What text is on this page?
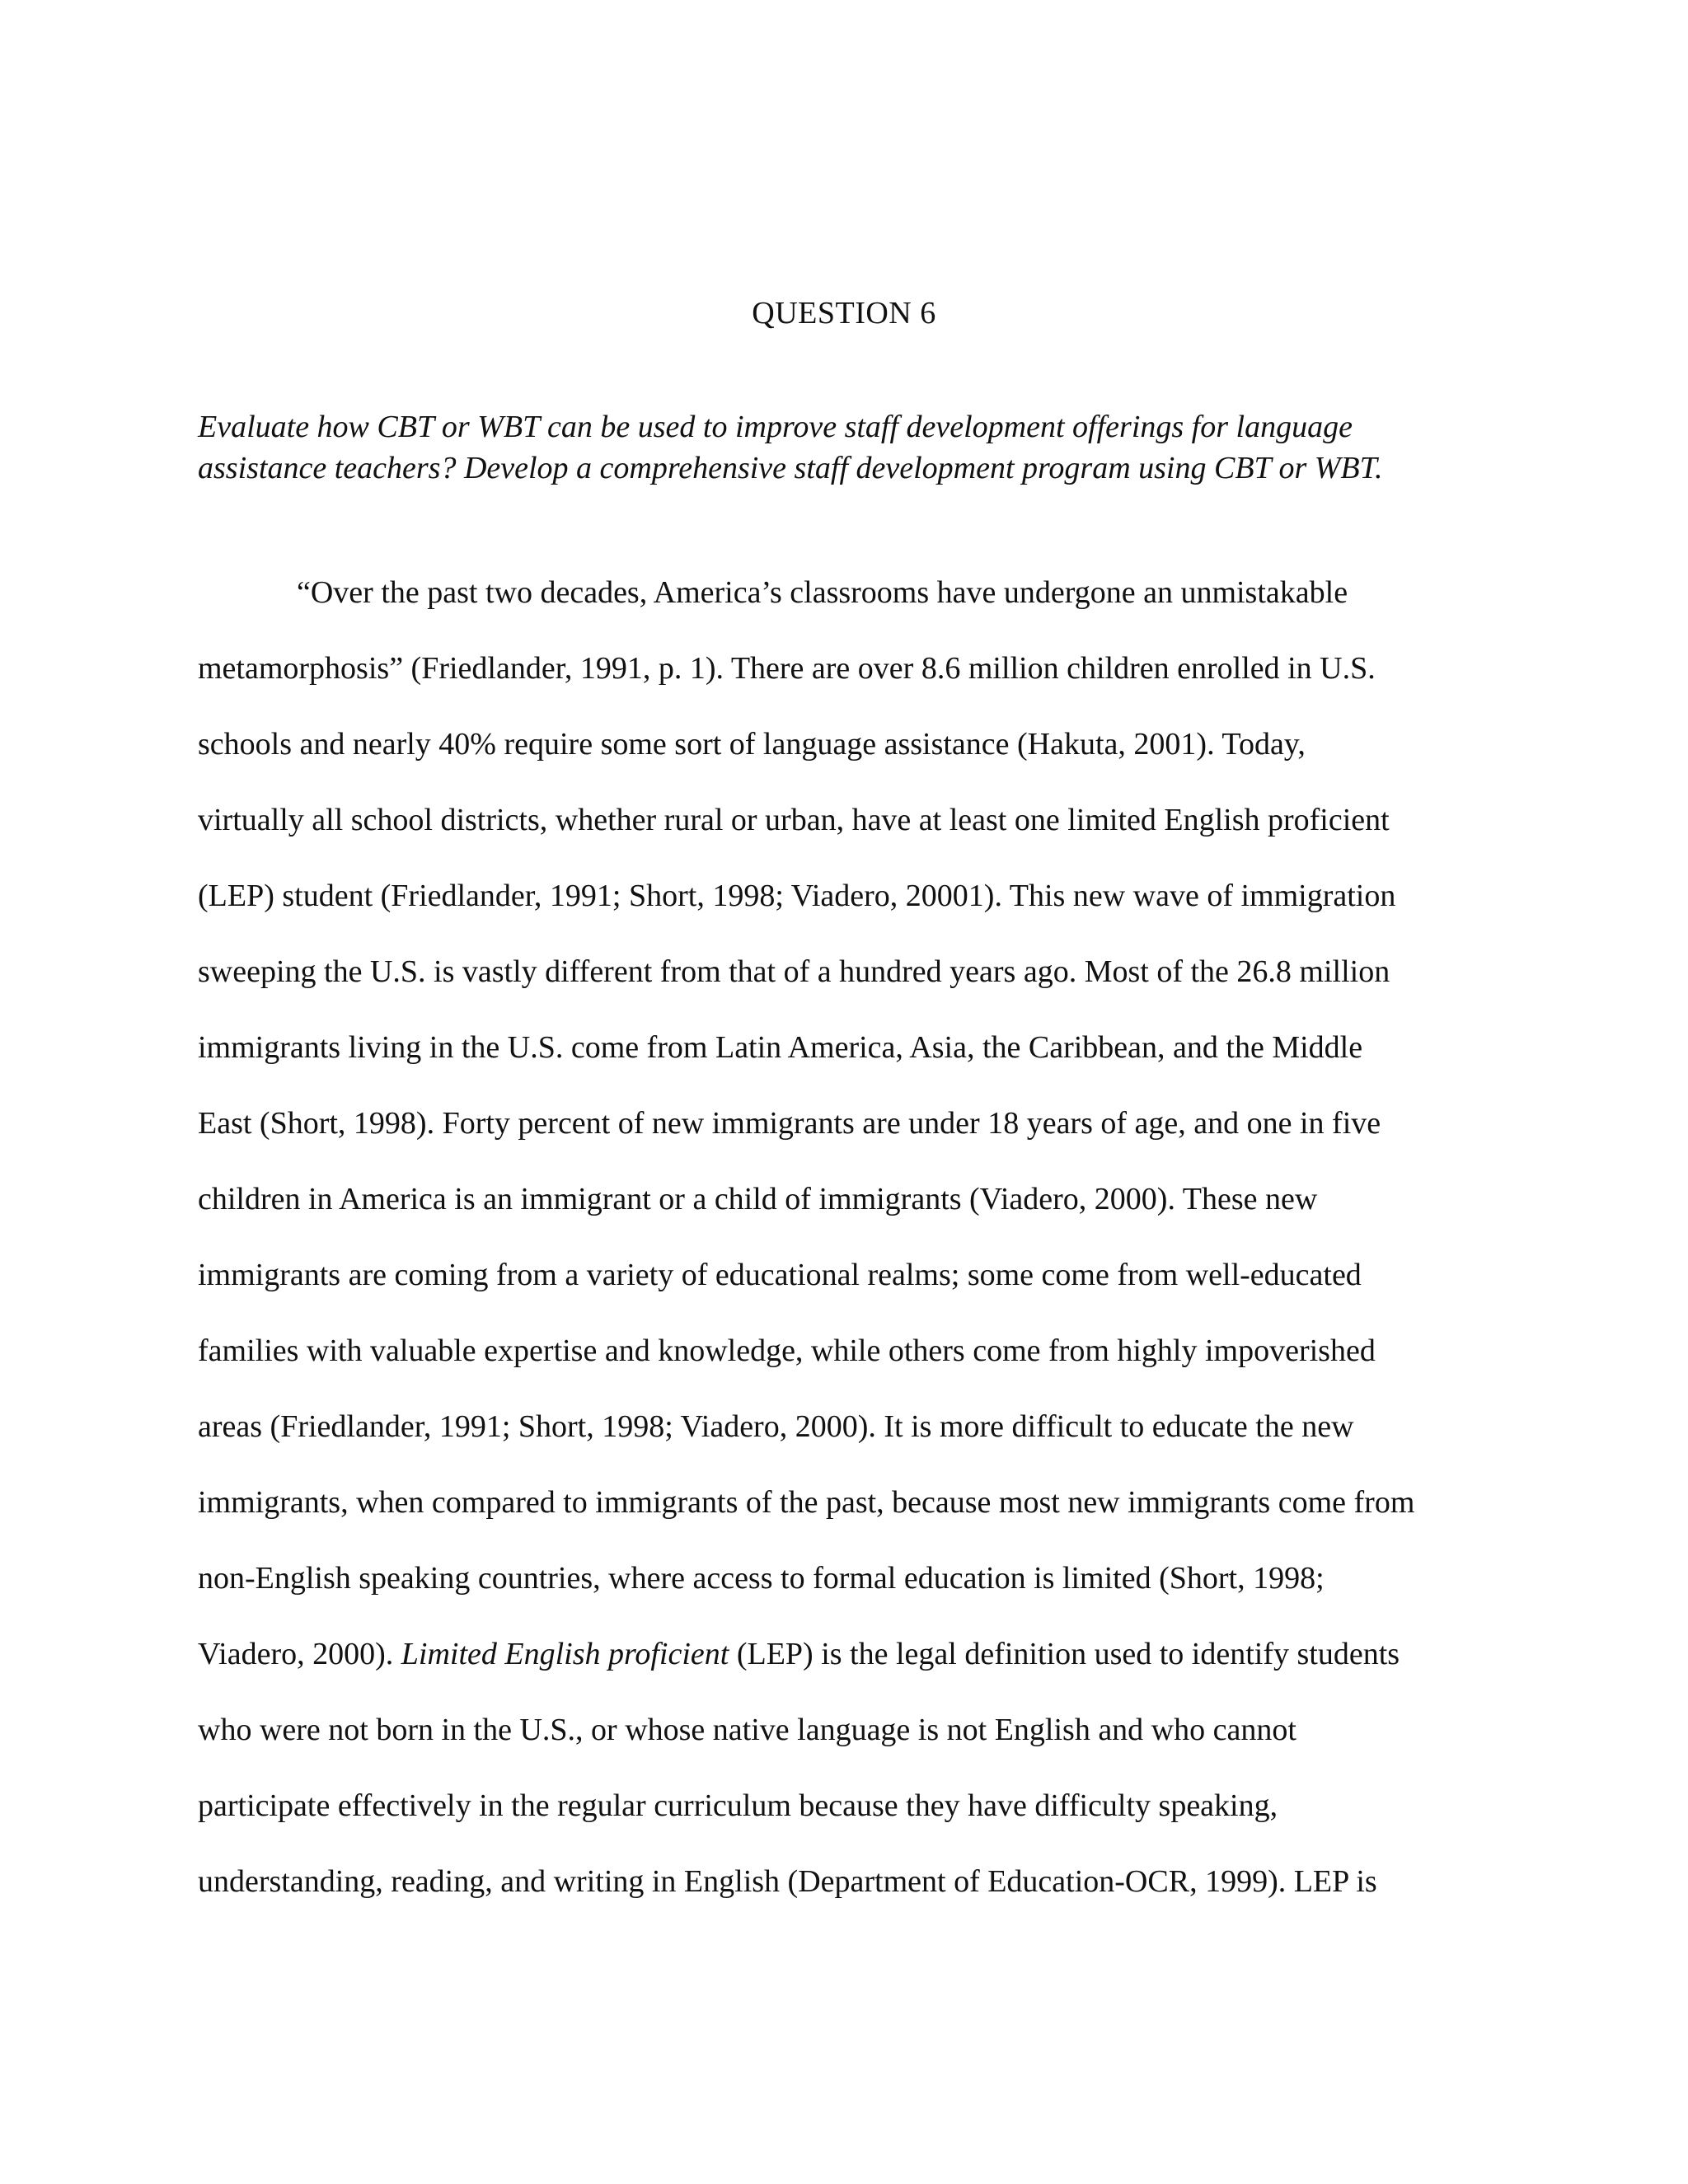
QUESTION 6
Evaluate how CBT or WBT can be used to improve staff development offerings for language
assistance teachers? Develop a comprehensive staff development program using CBT or WBT.
“Over the past two decades, America’s classrooms have undergone an unmistakable
metamorphosis” (Friedlander, 1991, p. 1). There are over 8.6 million children enrolled in U.S.
schools and nearly 40% require some sort of language assistance (Hakuta, 2001). Today,
virtually all school districts, whether rural or urban, have at least one limited English proficient
(LEP) student (Friedlander, 1991; Short, 1998; Viadero, 20001). This new wave of immigration
sweeping the U.S. is vastly different from that of a hundred years ago. Most of the 26.8 million
immigrants living in the U.S. come from Latin America, Asia, the Caribbean, and the Middle
East (Short, 1998). Forty percent of new immigrants are under 18 years of age, and one in five
children in America is an immigrant or a child of immigrants (Viadero, 2000). These new
immigrants are coming from a variety of educational realms; some come from well-educated
families with valuable expertise and knowledge, while others come from highly impoverished
areas (Friedlander, 1991; Short, 1998; Viadero, 2000). It is more difficult to educate the new
immigrants, when compared to immigrants of the past, because most new immigrants come from
non-English speaking countries, where access to formal education is limited (Short, 1998;
Viadero, 2000). Limited English proficient (LEP) is the legal definition used to identify students
who were not born in the U.S., or whose native language is not English and who cannot
participate effectively in the regular curriculum because they have difficulty speaking,
understanding, reading, and writing in English (Department of Education-OCR, 1999). LEP is
